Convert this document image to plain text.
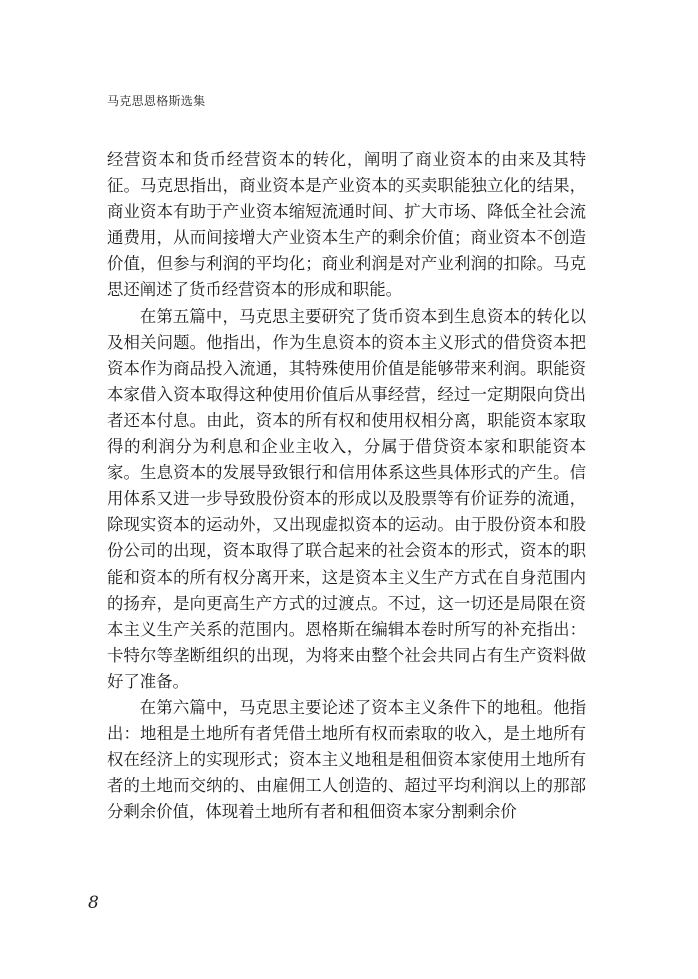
马克思恩格斯选集

经营资本和货币经营资本的转化，阐明了商业资本的由来及其特征。马克思指出，商业资本是产业资本的买卖职能独立化的结果，商业资本有助于产业资本缩短流通时间、扩大市场、降低全社会流通费用，从而间接增大产业资本生产的剩余价值；商业资本不创造价值，但参与利润的平均化；商业利润是对产业利润的扣除。马克思还阐述了货币经营资本的形成和职能。

在第五篇中，马克思主要研究了货币资本到生息资本的转化以及相关问题。他指出，作为生息资本的资本主义形式的借贷资本把资本作为商品投入流通，其特殊使用价值是能够带来利润。职能资本家借入资本取得这种使用价值后从事经营，经过一定期限向贷出者还本付息。由此，资本的所有权和使用权相分离，职能资本家取得的利润分为利息和企业主收入，分属于借贷资本家和职能资本家。生息资本的发展导致银行和信用体系这些具体形式的产生。信用体系又进一步导致股份资本的形成以及股票等有价证券的流通，除现实资本的运动外，又出现虚拟资本的运动。由于股份资本和股份公司的出现，资本取得了联合起来的社会资本的形式，资本的职能和资本的所有权分离开来，这是资本主义生产方式在自身范围内的扬弃，是向更高生产方式的过渡点。不过，这一切还是局限在资本主义生产关系的范围内。恩格斯在编辑本卷时所写的补充指出：卡特尔等垄断组织的出现，为将来由整个社会共同占有生产资料做好了准备。

在第六篇中，马克思主要论述了资本主义条件下的地租。他指出：地租是土地所有者凭借土地所有权而索取的收入，是土地所有权在经济上的实现形式；资本主义地租是租佃资本家使用土地所有者的土地而交纳的、由雇佣工人创造的、超过平均利润以上的那部分剩余价值，体现着土地所有者和租佃资本家分割剩余价

8
